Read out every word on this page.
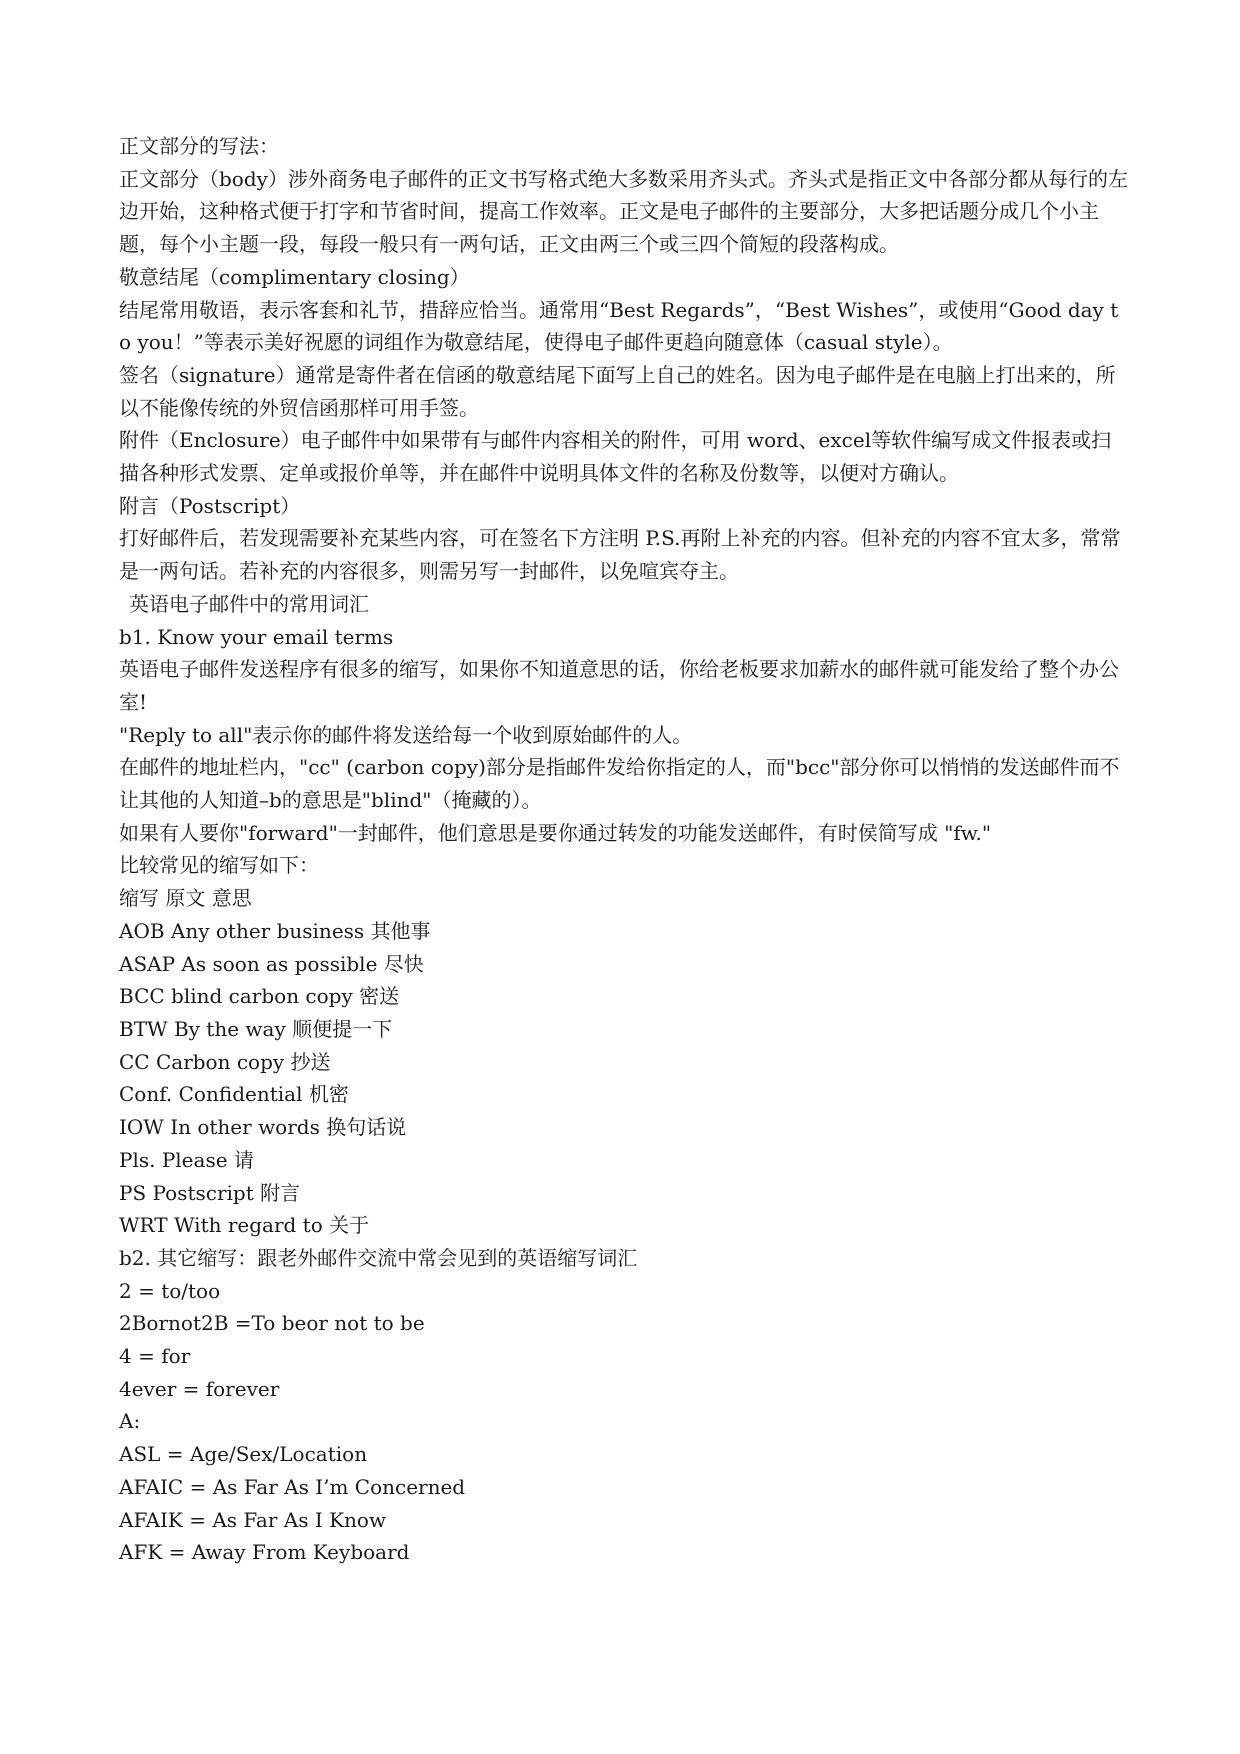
正文部分的写法：

正文部分（body）涉外商务电子邮件的正文书写格式绝大多数采用齐头式。齐头式是指正文中各部分都从每行的左边开始，这种格式便于打字和节省时间，提高工作效率。正文是电子邮件的主要部分，大多把话题分成几个小主题，每个小主题一段，每段一般只有一两句话，正文由两三个或三四个简短的段落构成。

敬意结尾（complimentary closing）

结尾常用敬语，表示客套和礼节，措辞应恰当。通常用“Best Regards”，“Best Wishes”，或使用“Good day to you！”等表示美好祝愿的词组作为敬意结尾，使得电子邮件更趋向随意体（casual style）。

签名（signature）通常是寄件者在信函的敬意结尾下面写上自己的姓名。因为电子邮件是在电脑上打出来的，所以不能像传统的外贸信函那样可用手签。

附件（Enclosure）电子邮件中如果带有与邮件内容相关的附件，可用 word、excel等软件编写成文件报表或扫描各种形式发票、定单或报价单等，并在邮件中说明具体文件的名称及份数等，以便对方确认。

附言（Postscript）

打好邮件后，若发现需要补充某些内容，可在签名下方注明 P.S.再附上补充的内容。但补充的内容不宜太多，常常是一两句话。若补充的内容很多，则需另写一封邮件，以免喧宾夺主。

英语电子邮件中的常用词汇

b1. Know your email terms

英语电子邮件发送程序有很多的缩写，如果你不知道意思的话，你给老板要求加薪水的邮件就可能发给了整个办公室!

"Reply to all"表示你的邮件将发送给每一个收到原始邮件的人。

在邮件的地址栏内，"cc" (carbon copy)部分是指邮件发给你指定的人，而"bcc"部分你可以悄悄的发送邮件而不让其他的人知道–b的意思是"blind"（掩藏的）。

如果有人要你"forward"一封邮件，他们意思是要你通过转发的功能发送邮件，有时侯简写成 "fw."

比较常见的缩写如下：

缩写 原文 意思

AOB Any other business 其他事

ASAP As soon as possible 尽快

BCC blind carbon copy 密送

BTW By the way 顺便提一下

CC Carbon copy 抄送

Conf. Confidential 机密

IOW In other words 换句话说

Pls. Please 请

PS Postscript 附言

WRT With regard to 关于

b2. 其它缩写：跟老外邮件交流中常会见到的英语缩写词汇

2 = to/too

2Bornot2B =To beor not to be

4 = for

4ever = forever

A:

ASL = Age/Sex/Location

AFAIC = As Far As I’m Concerned

AFAIK = As Far As I Know

AFK = Away From Keyboard
